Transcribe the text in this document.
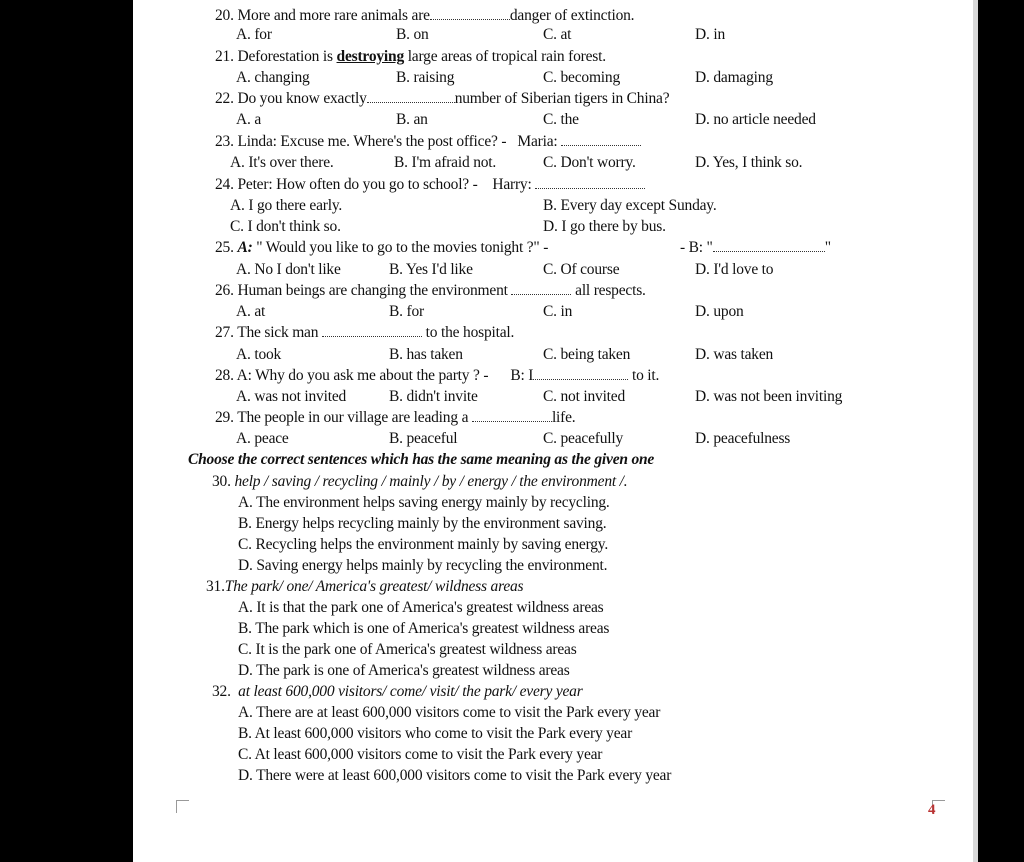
20. More and more rare animals are	danger of extinction.
A. for	B. on	C. at	D. in
21. Deforestation is destroying large areas of tropical rain forest.
A. changing	B. raising	C. becoming	D. damaging
22. Do you know exactly	number of Siberian tigers in China?
A. a	B. an	C. the	D. no article needed
23. Linda: Excuse me. Where's the post office? - Maria:
A. It's over there.	B. I'm afraid not.	C. Don't worry.	D. Yes, I think so.
24. Peter: How often do you go to school? - Harry:
A. I go there early.	B. Every day except Sunday.
C. I don't think so.	D. I go there by bus.
25. A: " Would you like to go to the movies tonight ?" -	- B: "	"
A. No I don't like	B. Yes I'd like	C. Of course	D. I'd love to
26. Human beings are changing the environment	all respects.
A. at	B. for	C. in	D. upon
27. The sick man	to the hospital.
A. took	B. has taken	C. being taken	D. was taken
28. A: Why do you ask me about the party ? - B: I	to it.
A. was not invited	B. didn't invite	C. not invited	D. was not been inviting
29. The people in our village are leading a	life.
A. peace	B. peaceful	C. peacefully	D. peacefulness
Choose the correct sentences which has the same meaning as the given one
30. help / saving / recycling / mainly / by / energy / the environment /.
A. The environment helps saving energy mainly by recycling.
B. Energy helps recycling mainly by the environment saving.
C. Recycling helps the environment mainly by saving energy.
D. Saving energy helps mainly by recycling the environment.
31.The park/ one/ America's greatest/ wildness areas
A. It is that the park one of America's greatest wildness areas
B. The park which is one of America's greatest wildness areas
C. It is the park one of America's greatest wildness areas
D. The park is one of America's greatest wildness areas
32. at least 600,000 visitors/ come/ visit/ the park/ every year
A. There are at least 600,000 visitors come to visit the Park every year
B. At least 600,000 visitors who come to visit the Park every year
C. At least 600,000 visitors come to visit the Park every year
D. There were at least 600,000 visitors come to visit the Park every year
4
